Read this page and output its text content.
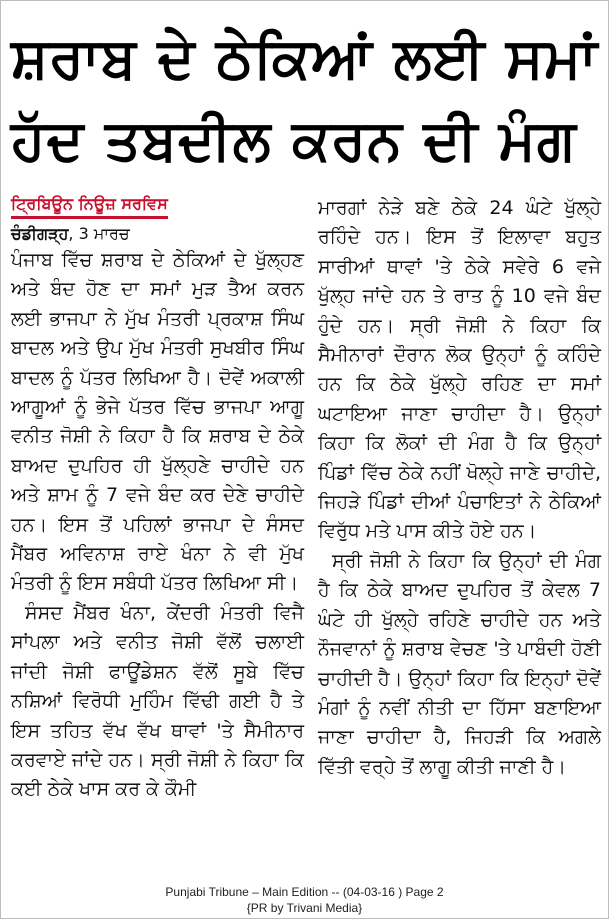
ਸ਼ਰਾਬ ਦੇ ਠੇਕਿਆਂ ਲਈ ਸਮਾਂ
ਹੱਦ ਤਬਦੀਲ ਕਰਨ ਦੀ ਮੰਗ
ਟ੍ਰਿਬਿਊਨ ਨਿਊਜ਼ ਸਰਵਿਸ
ਚੰਡੀਗੜ੍ਹ, 3 ਮਾਰਚ

ਪੰਜਾਬ ਵਿੱਚ ਸ਼ਰਾਬ ਦੇ ਠੇਕਿਆਂ ਦੇ ਖੁੱਲ੍ਹਣ ਅਤੇ ਬੰਦ ਹੋਣ ਦਾ ਸਮਾਂ ਮੁੜ ਤੈਅ ਕਰਨ ਲਈ ਭਾਜਪਾ ਨੇ ਮੁੱਖ ਮੰਤਰੀ ਪ੍ਰਕਾਸ਼ ਸਿੰਘ ਬਾਦਲ ਅਤੇ ਉਪ ਮੁੱਖ ਮੰਤਰੀ ਸੁਖਬੀਰ ਸਿੰਘ ਬਾਦਲ ਨੂੰ ਪੱਤਰ ਲਿਖਿਆ ਹੈ। ਦੋਵੇਂ ਅਕਾਲੀ ਆਗੂਆਂ ਨੂੰ ਭੇਜੇ ਪੱਤਰ ਵਿੱਚ ਭਾਜਪਾ ਆਗੂ ਵਨੀਤ ਜੋਸ਼ੀ ਨੇ ਕਿਹਾ ਹੈ ਕਿ ਸ਼ਰਾਬ ਦੇ ਠੇਕੇ ਬਾਅਦ ਦੁਪਹਿਰ ਹੀ ਖੁੱਲ੍ਹਣੇ ਚਾਹੀਦੇ ਹਨ ਅਤੇ ਸ਼ਾਮ ਨੂੰ 7 ਵਜੇ ਬੰਦ ਕਰ ਦੇਣੇ ਚਾਹੀਦੇ ਹਨ। ਇਸ ਤੋਂ ਪਹਿਲਾਂ ਭਾਜਪਾ ਦੇ ਸੰਸਦ ਮੈਂਬਰ ਅਵਿਨਾਸ਼ ਰਾਏ ਖੰਨਾ ਨੇ ਵੀ ਮੁੱਖ ਮੰਤਰੀ ਨੂੰ ਇਸ ਸਬੰਧੀ ਪੱਤਰ ਲਿਖਿਆ ਸੀ।

ਸੰਸਦ ਮੈਂਬਰ ਖੰਨਾ, ਕੇਂਦਰੀ ਮੰਤਰੀ ਵਿਜੈ ਸਾਂਪਲਾ ਅਤੇ ਵਨੀਤ ਜੋਸ਼ੀ ਵੱਲੋਂ ਚਲਾਈ ਜਾਂਦੀ ਜੋਸ਼ੀ ਫਾਊਂਡੇਸ਼ਨ ਵੱਲੋਂ ਸੂਬੇ ਵਿੱਚ ਨਸ਼ਿਆਂ ਵਿਰੋਧੀ ਮੁਹਿੰਮ ਵਿੱਢੀ ਗਈ ਹੈ ਤੇ ਇਸ ਤਹਿਤ ਵੱਖ ਵੱਖ ਥਾਵਾਂ 'ਤੇ ਸੈਮੀਨਾਰ ਕਰਵਾਏ ਜਾਂਦੇ ਹਨ। ਸ੍ਰੀ ਜੋਸ਼ੀ ਨੇ ਕਿਹਾ ਕਿ ਕਈ ਠੇਕੇ ਖਾਸ ਕਰ ਕੇ ਕੌਮੀ

ਮਾਰਗਾਂ ਨੇੜੇ ਬਣੇ ਠੇਕੇ 24 ਘੰਟੇ ਖੁੱਲ੍ਹੇ ਰਹਿੰਦੇ ਹਨ। ਇਸ ਤੋਂ ਇਲਾਵਾ ਬਹੁਤ ਸਾਰੀਆਂ ਥਾਵਾਂ 'ਤੇ ਠੇਕੇ ਸਵੇਰੇ 6 ਵਜੇ ਖੁੱਲ੍ਹ ਜਾਂਦੇ ਹਨ ਤੇ ਰਾਤ ਨੂੰ 10 ਵਜੇ ਬੰਦ ਹੁੰਦੇ ਹਨ। ਸ੍ਰੀ ਜੋਸ਼ੀ ਨੇ ਕਿਹਾ ਕਿ ਸੈਮੀਨਾਰਾਂ ਦੌਰਾਨ ਲੋਕ ਉਨ੍ਹਾਂ ਨੂੰ ਕਹਿੰਦੇ ਹਨ ਕਿ ਠੇਕੇ ਖੁੱਲ੍ਹੇ ਰਹਿਣ ਦਾ ਸਮਾਂ ਘਟਾਇਆ ਜਾਣਾ ਚਾਹੀਦਾ ਹੈ। ਉਨ੍ਹਾਂ ਕਿਹਾ ਕਿ ਲੋਕਾਂ ਦੀ ਮੰਗ ਹੈ ਕਿ ਉਨ੍ਹਾਂ ਪਿੰਡਾਂ ਵਿੱਚ ਠੇਕੇ ਨਹੀਂ ਖੋਲ੍ਹੇ ਜਾਣੇ ਚਾਹੀਦੇ, ਜਿਹੜੇ ਪਿੰਡਾਂ ਦੀਆਂ ਪੰਚਾਇਤਾਂ ਨੇ ਠੇਕਿਆਂ ਵਿਰੁੱਧ ਮਤੇ ਪਾਸ ਕੀਤੇ ਹੋਏ ਹਨ।

ਸ੍ਰੀ ਜੋਸ਼ੀ ਨੇ ਕਿਹਾ ਕਿ ਉਨ੍ਹਾਂ ਦੀ ਮੰਗ ਹੈ ਕਿ ਠੇਕੇ ਬਾਅਦ ਦੁਪਹਿਰ ਤੋਂ ਕੇਵਲ 7 ਘੰਟੇ ਹੀ ਖੁੱਲ੍ਹੇ ਰਹਿਣੇ ਚਾਹੀਦੇ ਹਨ ਅਤੇ ਨੌਜਵਾਨਾਂ ਨੂੰ ਸ਼ਰਾਬ ਵੇਚਣ 'ਤੇ ਪਾਬੰਦੀ ਹੋਣੀ ਚਾਹੀਦੀ ਹੈ। ਉਨ੍ਹਾਂ ਕਿਹਾ ਕਿ ਇਨ੍ਹਾਂ ਦੋਵੇਂ ਮੰਗਾਂ ਨੂੰ ਨਵੀਂ ਨੀਤੀ ਦਾ ਹਿੱਸਾ ਬਣਾਇਆ ਜਾਣਾ ਚਾਹੀਦਾ ਹੈ, ਜਿਹੜੀ ਕਿ ਅਗਲੇ ਵਿੱਤੀ ਵਰ੍ਹੇ ਤੋਂ ਲਾਗੂ ਕੀਤੀ ਜਾਣੀ ਹੈ।

Punjabi Tribune – Main Edition -- (04-03-16 ) Page 2
{PR by Trivani Media}
